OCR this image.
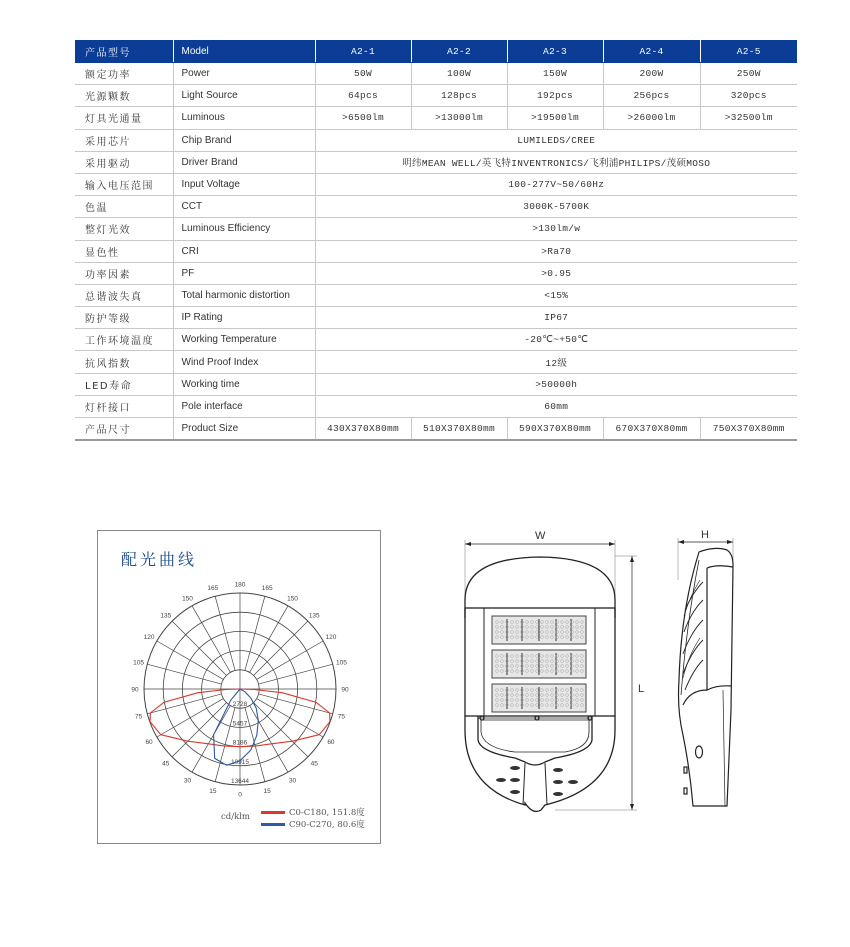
产品型号	Model	A2-1	A2-2	A2-3	A2-4	A2-5
额定功率	Power	50W	100W	150W	200W	250W
光源颗数	Light Source	64pcs	128pcs	192pcs	256pcs	320pcs
灯具光通量	Luminous	>6500lm	>13000lm	>19500lm	>26000lm	>32500lm
采用芯片	Chip Brand	LUMILEDS/CREE				
采用驱动	Driver Brand	明纬MEAN WELL/英飞特INVENTRONICS/飞利浦PHILIPS/茂硕MOSO				
输入电压范围	Input Voltage	100-277V~50/60Hz				
色温	CCT	3000K-5700K				
整灯光效	Luminous Efficiency	>130lm/w				
显色性	CRI	>Ra70				
功率因素	PF	>0.95				
总谐波失真	Total harmonic distortion	<15%				
防护等级	IP Rating	IP67				
工作环境温度	Working Temperature	-20℃~+50℃				
抗风指数	Wind Proof Index	12级				
LED寿命	Working time	>50000h				
灯杆接口	Pole interface	60mm				
产品尺寸	Product Size	430X370X80mm	510X370X80mm	590X370X80mm	670X370X80mm	750X370X80mm
配光曲线
180
0
165	165
150	150
135	135
120	120
105	105
90	90
75	75
60	60
45	45
30	30
15	15
2728
5457
8186
10915
13644
cd/klm	C0-C180, 151.8度
C90-C270, 80.6度
W
L
H
